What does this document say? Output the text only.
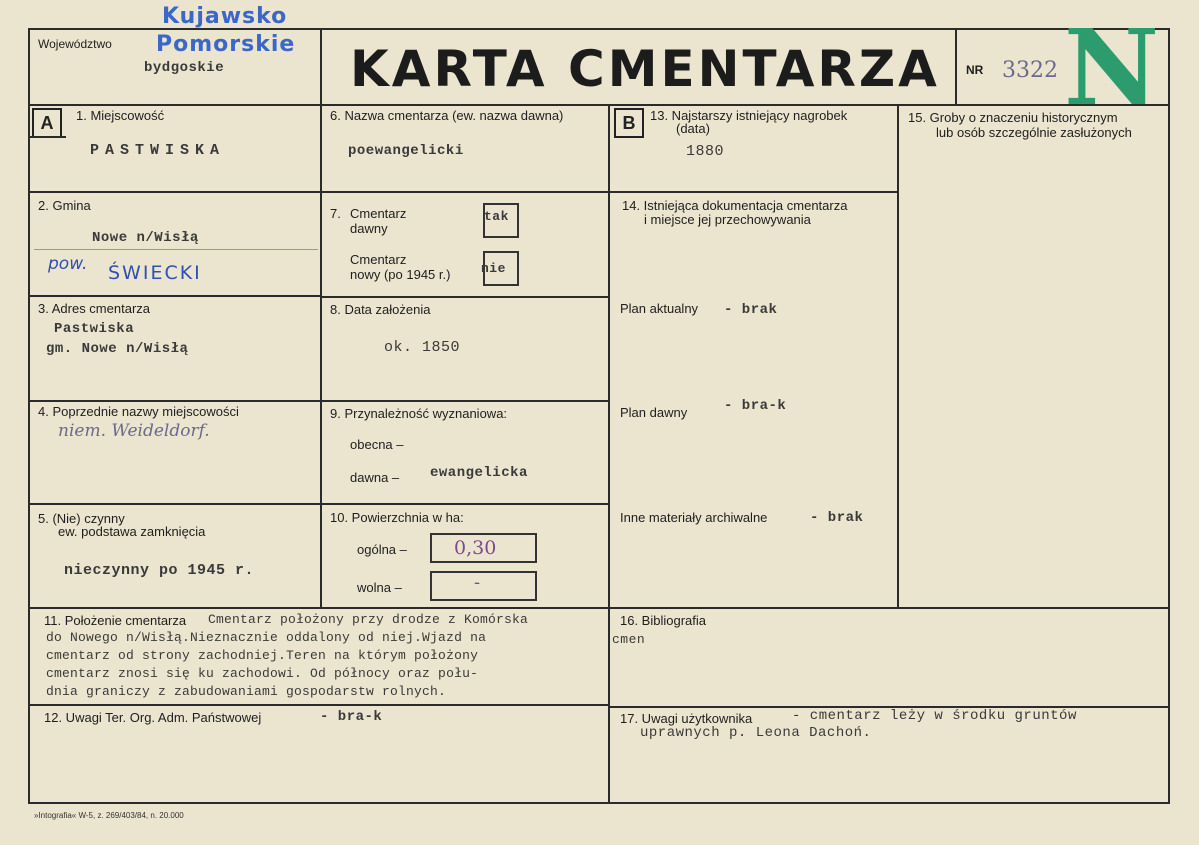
Województwo
Kujawsko
Pomorskie
bydgoskie	KARTA CMENTARZA NR 3322 N
A	1. Miejscowość
PASTWISKA
2. Gmina
Nowe n/Wisłą
pow. ŚWIECKI
3. Adres cmentarza
Pastwiska
gm. Nowe n/Wisłą
4. Poprzednie nazwy miejscowości
niem. Weideldorf.
5. (Nie) czynny
ew. podstawa zamknięcia
nieczynny po 1945 r.
6. Nazwa cmentarza (ew. nazwa dawna)
poewangelicki
7. Cmentarz
dawny
tak
Cmentarz
nowy (po 1945 r.) nie
8. Data założenia
ok. 1850
9. Przynależność wyznaniowa:
obecna –
dawna – ewangelicka
10. Powierzchnia w ha:
ogólna – 0,30
wolna –	-
B	13. Najstarszy istniejący nagrobek
(data)
1880
14. Istniejąca dokumentacja cmentarza
i miejsce jej przechowywania
Plan aktualny - brak
Plan dawny	- bra-k
Inne materiały archiwalne	- brak
15. Groby o znaczeniu historycznym
lub osób szczególnie zasłużonych
11. Położenie cmentarza Cmentarz położony przy drodze z Komórska
do Nowego n/Wisłą.Nieznacznie oddalony od niej.Wjazd na
cmentarz od strony zachodniej.Teren na którym położony
cmentarz znosi się ku zachodowi. Od północy oraz połu-
dnia graniczy z zabudowaniami gospodarstw rolnych.
16. Bibliografia
cmen
12. Uwagi Ter. Org. Adm. Państwowej	- bra-k	17. Uwagi użytkownika	- cmentarz leży w środku gruntów
uprawnych p. Leona Dachoń.
»Intografia« W-5, z. 269/403/84, n. 20.000
